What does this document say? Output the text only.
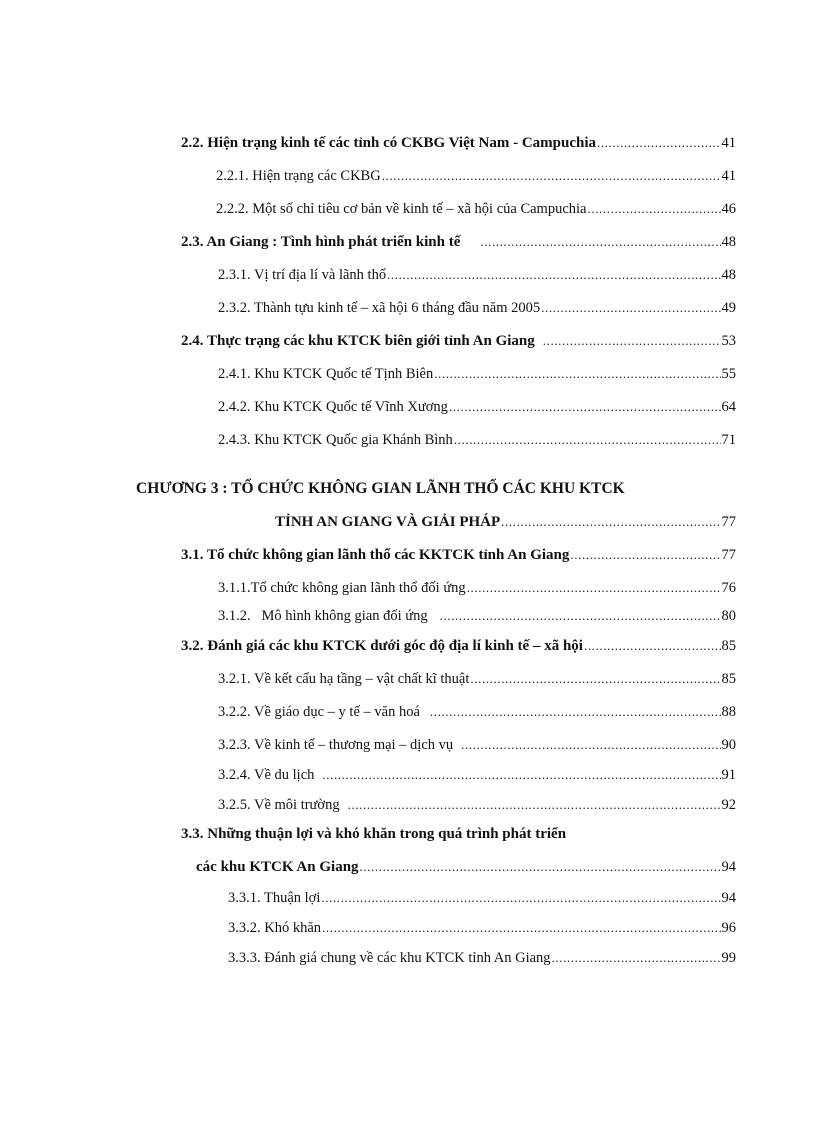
2.2. Hiện trạng kinh tế các tỉnh có CKBG Việt Nam - Campuchia .....	41
2.2.1. Hiện trạng các CKBG .....	41
2.2.2. Một số chỉ tiêu cơ bản về kinh tế – xã hội của Campuchia .....	46
2.3. An Giang : Tình hình phát triển kinh tế .....	48
2.3.1. Vị trí địa lí và lãnh thổ .....	48
2.3.2. Thành tựu kinh tế – xã hội 6 tháng đầu năm 2005 .....	49
2.4. Thực trạng các khu KTCK biên giới tỉnh An Giang .....	53
2.4.1. Khu KTCK Quốc tế Tịnh Biên .....	55
2.4.2. Khu KTCK Quốc tế Vĩnh Xương .....	64
2.4.3. Khu KTCK Quốc gia Khánh Bình .....	71
CHƯƠNG 3 : TỔ CHỨC KHÔNG GIAN LÃNH THỔ CÁC KHU KTCK
TỈNH AN GIANG VÀ GIẢI PHÁP .....	77
3.1. Tổ chức không gian lãnh thổ các KKTCK tỉnh An Giang .....	77
3.1.1.Tổ chức không gian lãnh thổ đối ứng .....	76
3.1.2.   Mô hình không gian đối ứng .....	80
3.2. Đánh giá các khu KTCK dưới góc độ địa lí kinh tế – xã hội .....	85
3.2.1. Về kết cấu hạ tầng – vật chất kĩ thuật .....	85
3.2.2. Về giáo dục – y tế – văn hoá .....	88
3.2.3. Về kinh tế – thương mại – dịch vụ .....	90
3.2.4. Về du lịch .....	91
3.2.5. Về môi trường .....	92
3.3. Những thuận lợi và khó khăn trong quá trình phát triển
các khu KTCK An Giang .....	94
3.3.1. Thuận lợi .....	94
3.3.2. Khó khăn .....	96
3.3.3. Đánh giá chung về các khu KTCK tỉnh An Giang .....	99
